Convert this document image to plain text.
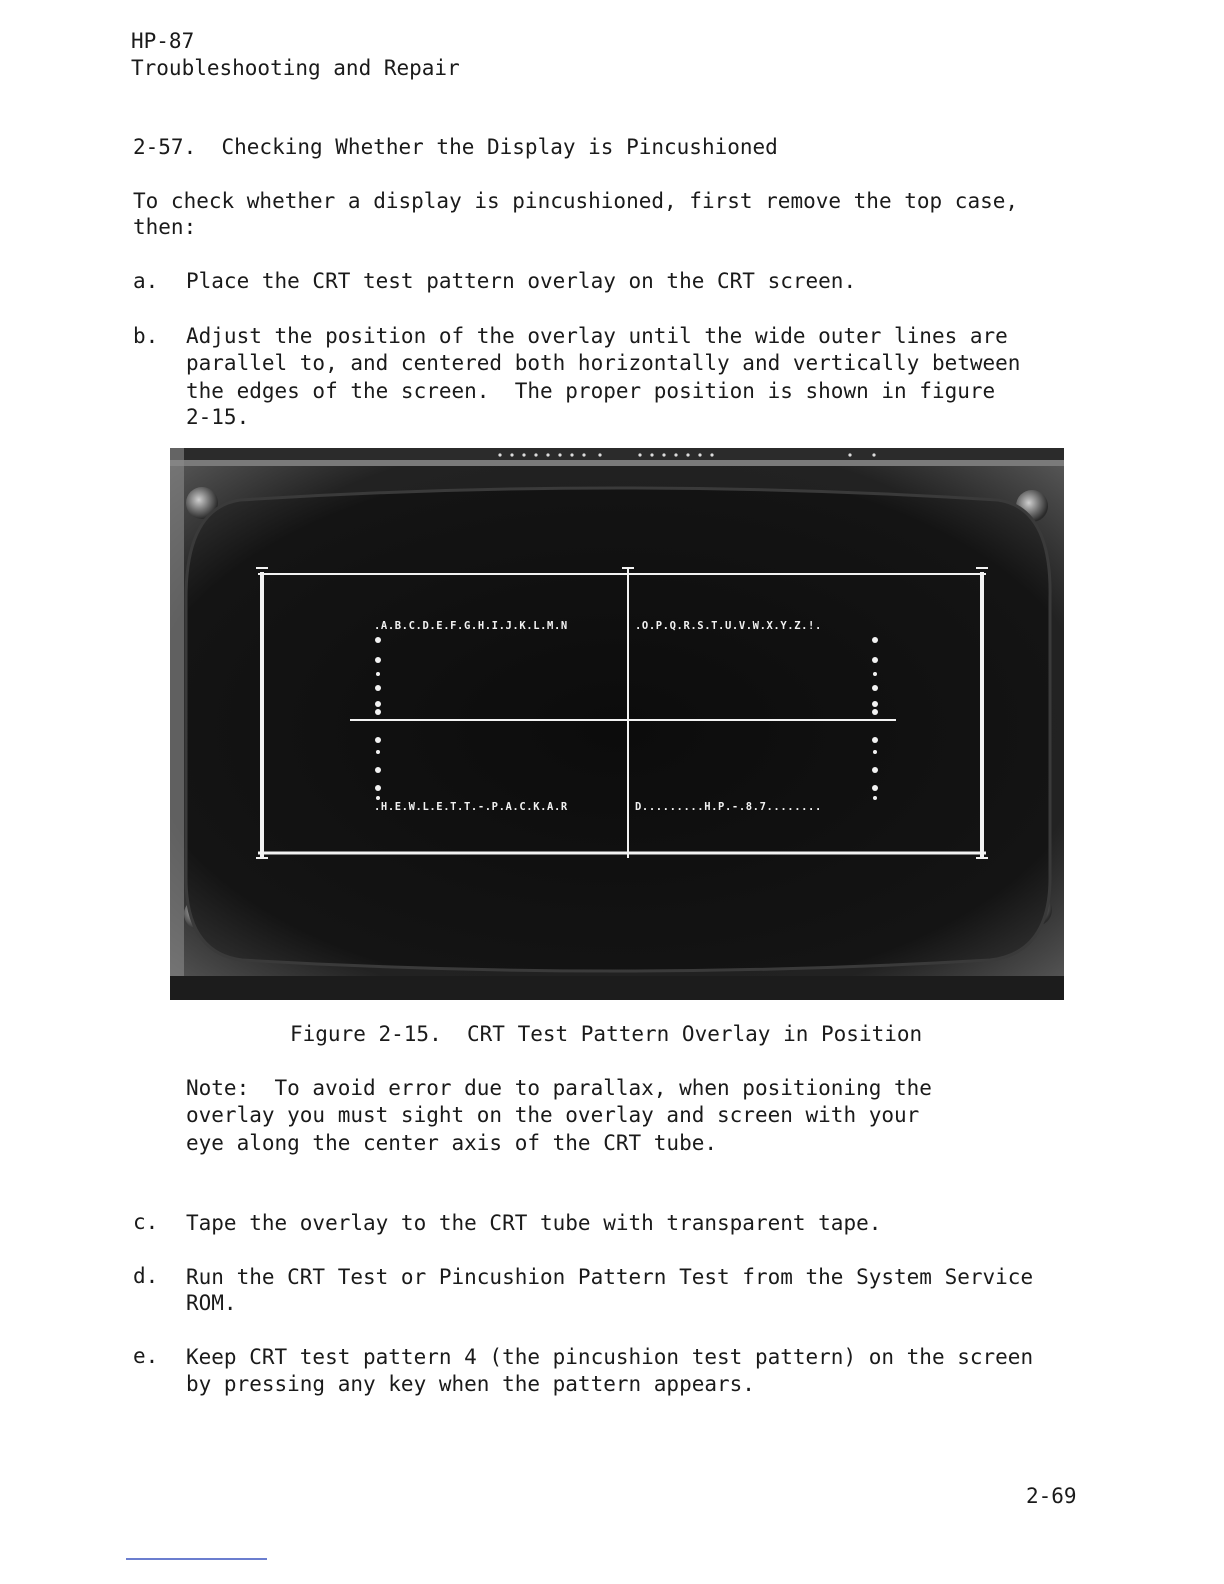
HP-87
Troubleshooting and Repair
2-57.  Checking Whether the Display is Pincushioned
To check whether a display is pincushioned, first remove the top case,
then:
a. Place the CRT test pattern overlay on the CRT screen.
b. Adjust the position of the overlay until the wide outer lines are
parallel to, and centered both horizontally and vertically between
the edges of the screen.  The proper position is shown in figure
2-15.
.A.B.C.D.E.F.G.H.I.J.K.L.M.N	.O.P.Q.R.S.T.U.V.W.X.Y.Z.!.
.H.E.W.L.E.T.T.-.P.A.C.K.A.R	D.........H.P.-.8.7........
Figure 2-15.  CRT Test Pattern Overlay in Position
Note:  To avoid error due to parallax, when positioning the
overlay you must sight on the overlay and screen with your
eye along the center axis of the CRT tube.
c. Tape the overlay to the CRT tube with transparent tape.
d. Run the CRT Test or Pincushion Pattern Test from the System Service
ROM.
e. Keep CRT test pattern 4 (the pincushion test pattern) on the screen
by pressing any key when the pattern appears.
2-69
